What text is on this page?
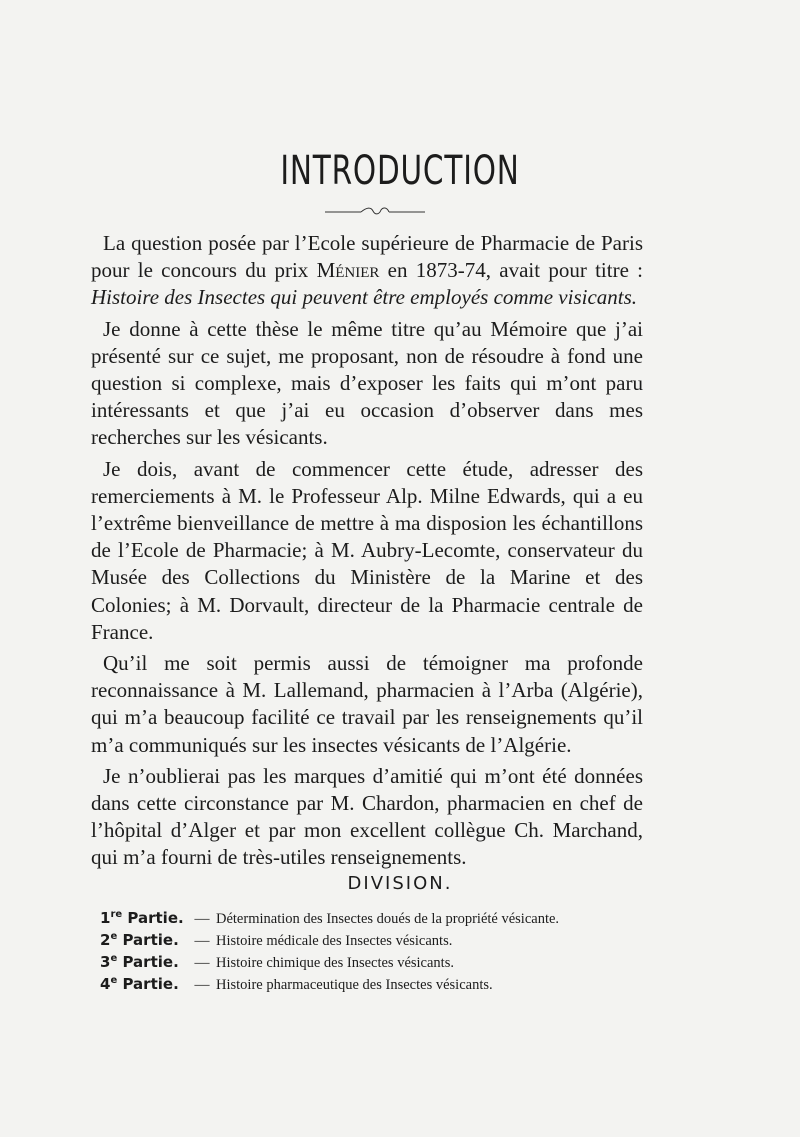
INTRODUCTION

La question posée par l’Ecole supérieure de Pharmacie de Paris pour le concours du prix Ménier en 1873-74, avait pour titre : Histoire des Insectes qui peuvent être employés comme visicants.

Je donne à cette thèse le même titre qu’au Mémoire que j’ai présenté sur ce sujet, me proposant, non de résoudre à fond une question si complexe, mais d’exposer les faits qui m’ont paru intéressants et que j’ai eu occasion d’observer dans mes recherches sur les vésicants.

Je dois, avant de commencer cette étude, adresser des remerciements à M. le Professeur Alp. Milne Edwards, qui a eu l’extrême bienveillance de mettre à ma disposion les échantillons de l’Ecole de Pharmacie; à M. Aubry-Lecomte, conservateur du Musée des Collections du Ministère de la Marine et des Colonies; à M. Dorvault, directeur de la Pharmacie centrale de France.

Qu’il me soit permis aussi de témoigner ma profonde reconnaissance à M. Lallemand, pharmacien à l’Arba (Algérie), qui m’a beaucoup facilité ce travail par les renseignements qu’il m’a communiqués sur les insectes vésicants de l’Algérie.

Je n’oublierai pas les marques d’amitié qui m’ont été données dans cette circonstance par M. Chardon, pharmacien en chef de l’hôpital d’Alger et par mon excellent collègue Ch. Marchand, qui m’a fourni de très-utiles renseignements.

DIVISION.
1re Partie. — Détermination des Insectes doués de la propriété vésicante.
2e Partie. — Histoire médicale des Insectes vésicants.
3e Partie. — Histoire chimique des Insectes vésicants.
4e Partie. — Histoire pharmaceutique des Insectes vésicants.
